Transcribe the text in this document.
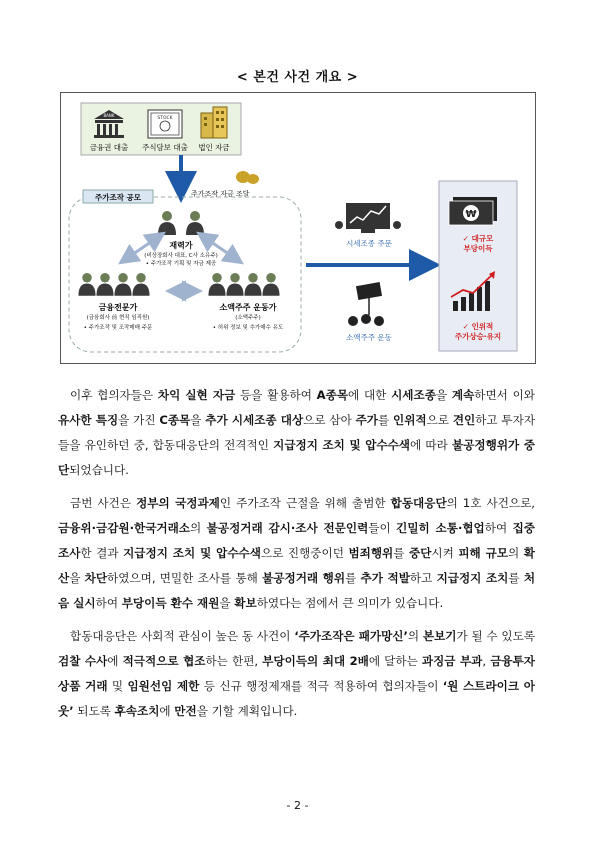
< 본건 사건 개요 >
BANK
STOCK
금융권 대출 주식담보 대출 법인 자금
주가조작 자금 조달
주가조작 공모
재력가
(비상장회사 대표, C사 소유주)
• 주가조작 기획 및 자금 제공
금융전문가
(금융회사 前 현직 임직원)
• 주가조작 및 조작매매 주문
소액주주 운동가
(소액주주)
• 허위 정보 및 추가매수 유도
시세조종 주문
소액주주 운동
₩
✓ 대규모
부당이득
✓ 인위적
주가상승·유지

이후 협의자들은 차익 실현 자금 등을 활용하여 A종목에 대한 시세조종을 계속하면서 이와 유사한 특징을 가진 C종목을 추가 시세조종 대상으로 삼아 주가를 인위적으로 견인하고 투자자들을 유인하던 중, 합동대응단의 전격적인 지급정지 조치 및 압수수색에 따라 불공정행위가 중단되었습니다.

금번 사건은 정부의 국정과제인 주가조작 근절을 위해 출범한 합동대응단의 1호 사건으로, 금융위·금감원·한국거래소의 불공정거래 감시·조사 전문인력들이 긴밀히 소통·협업하여 집중 조사한 결과 지급정지 조치 및 압수수색으로 진행중이던 범죄행위를 중단시켜 피해 규모의 확산을 차단하였으며, 면밀한 조사를 통해 불공정거래 행위를 추가 적발하고 지급정지 조치를 처음 실시하여 부당이득 환수 재원을 확보하였다는 점에서 큰 의미가 있습니다.

합동대응단은 사회적 관심이 높은 동 사건이 ‘주가조작은 패가망신’의 본보기가 될 수 있도록 검찰 수사에 적극적으로 협조하는 한편, 부당이득의 최대 2배에 달하는 과징금 부과, 금융투자상품 거래 및 임원선임 제한 등 신규 행정제재를 적극 적용하여 협의자들이 ‘원 스트라이크 아웃’ 되도록 후속조치에 만전을 기할 계획입니다.

- 2 -
